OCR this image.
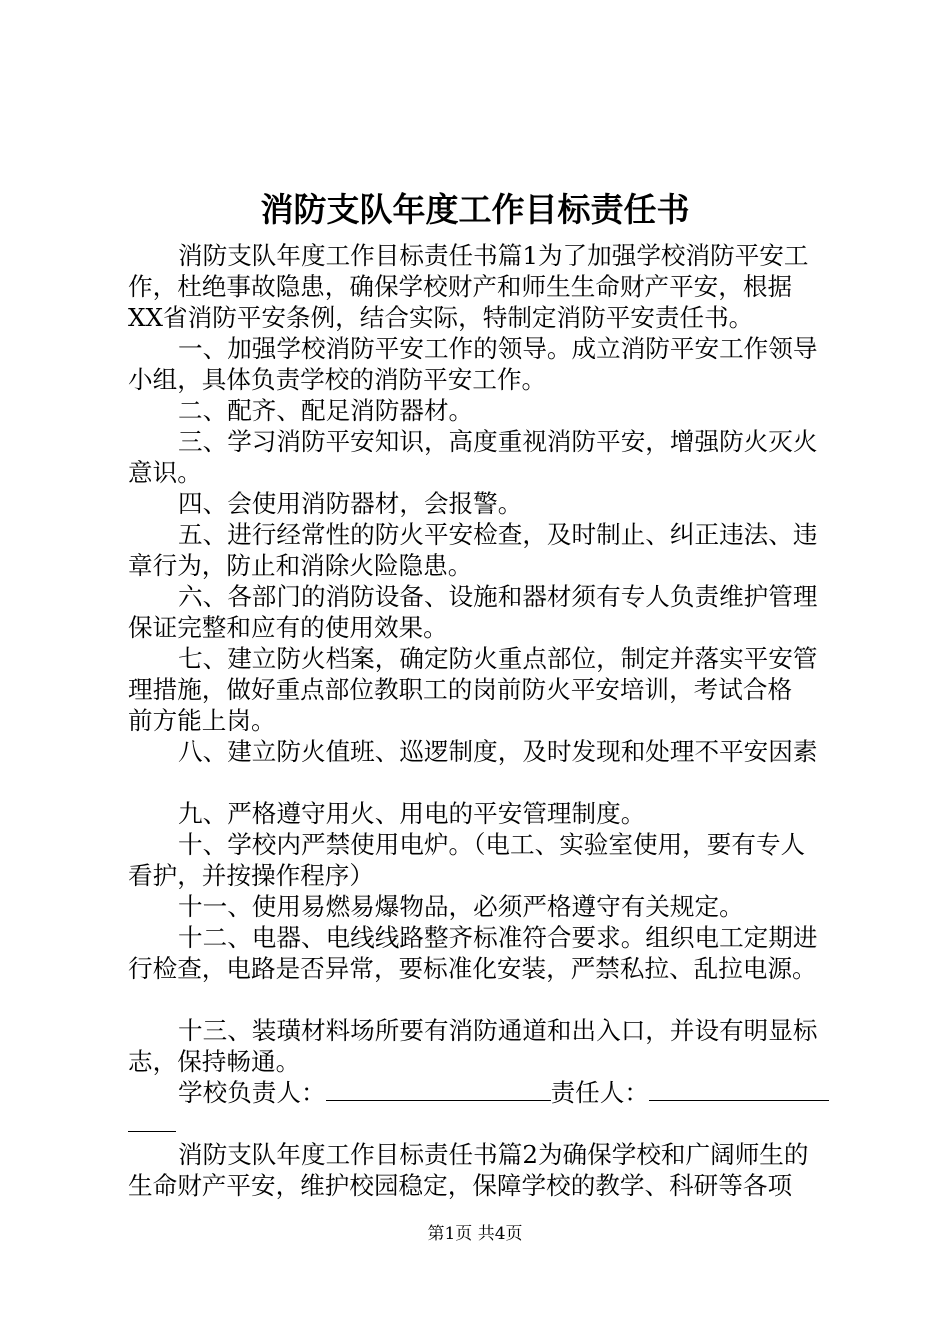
消防支队年度工作目标责任书
消防支队年度工作目标责任书篇1为了加强学校消防平安工
作，杜绝事故隐患，确保学校财产和师生生命财产平安，根据
XX省消防平安条例，结合实际，特制定消防平安责任书。
一、加强学校消防平安工作的领导。成立消防平安工作领导
小组，具体负责学校的消防平安工作。
二、配齐、配足消防器材。
三、学习消防平安知识，高度重视消防平安，增强防火灭火
意识。
四、会使用消防器材，会报警。
五、进行经常性的防火平安检查，及时制止、纠正违法、违
章行为，防止和消除火险隐患。
六、各部门的消防设备、设施和器材须有专人负责维护管理
保证完整和应有的使用效果。
七、建立防火档案，确定防火重点部位，制定并落实平安管
理措施，做好重点部位教职工的岗前防火平安培训，考试合格
前方能上岗。
八、建立防火值班、巡逻制度，及时发现和处理不平安因素
九、严格遵守用火、用电的平安管理制度。
十、学校内严禁使用电炉。（电工、实验室使用，要有专人
看护，并按操作程序）
十一、使用易燃易爆物品，必须严格遵守有关规定。
十二、电器、电线线路整齐标准符合要求。组织电工定期进
行检查，电路是否异常，要标准化安装，严禁私拉、乱拉电源。
十三、装璜材料场所要有消防通道和出入口，并设有明显标
志，保持畅通。
学校负责人：	责任人：
消防支队年度工作目标责任书篇2为确保学校和广阔师生的
生命财产平安，维护校园稳定，保障学校的教学、科研等各项
第1页 共4页
